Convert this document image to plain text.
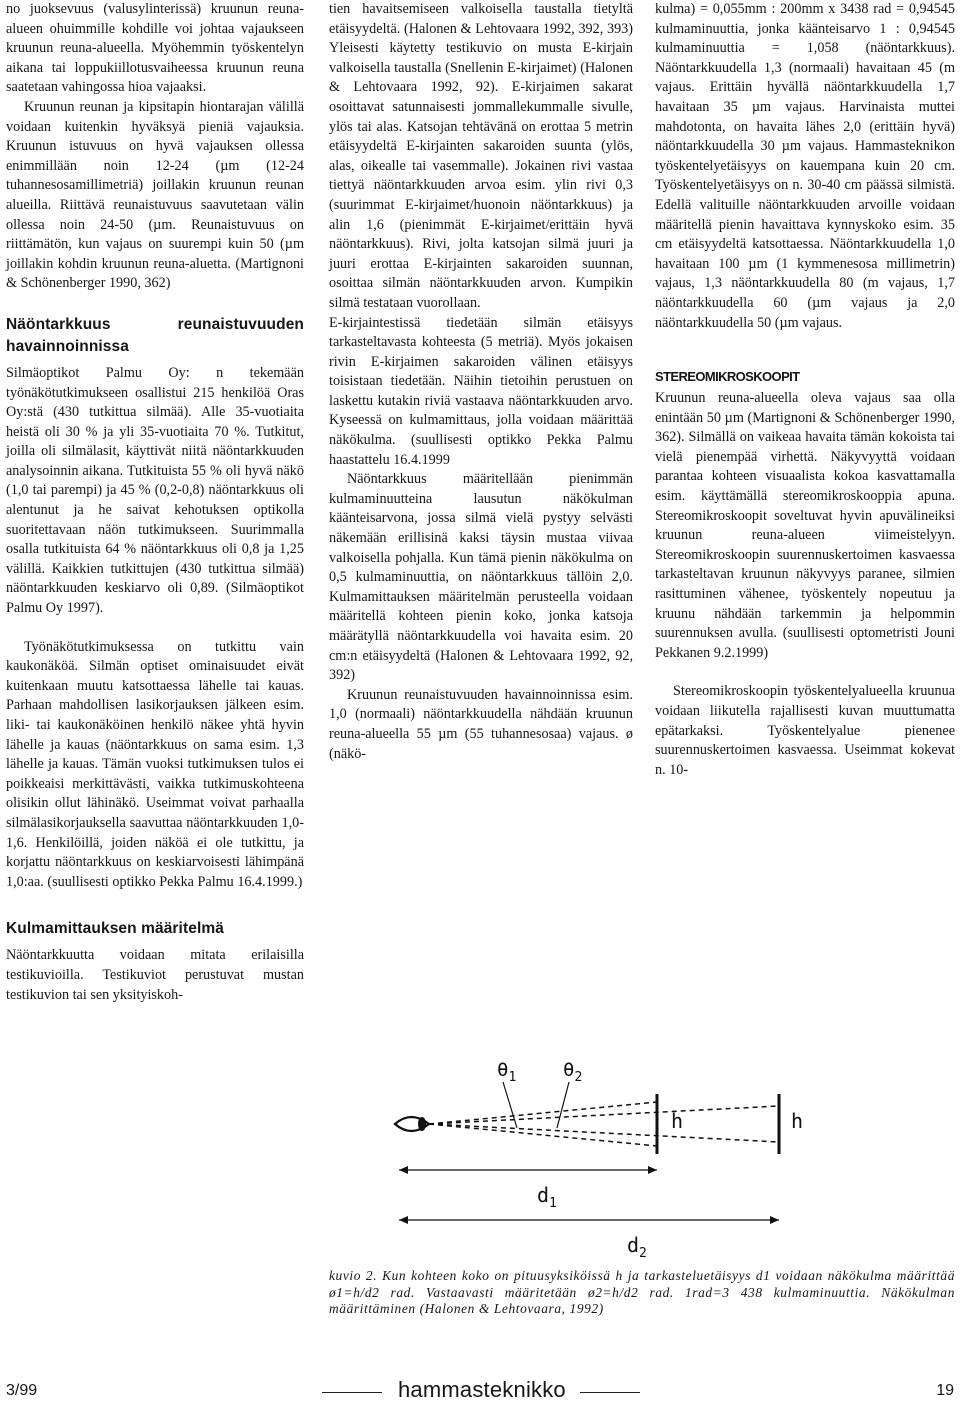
no juoksevuus (valusylinterissä) kruunun reuna-alueen ohuimmille kohdille voi johtaa vajaukseen kruunun reuna-alueella. Myöhemmin työskentelyn aikana tai loppukiillotusvaiheessa kruunun reuna saatetaan vahingossa hioa vajaaksi.

Kruunun reunan ja kipsitapin hiontarajan välillä voidaan kuitenkin hyväksyä pieniä vajauksia. Kruunun istuvuus on hyvä vajauksen ollessa enimmillään noin 12-24 (µm (12-24 tuhannesosamillimetriä) joillakin kruunun reunan alueilla. Riittävä reunaistuvuus saavutetaan välin ollessa noin 24-50 (µm. Reunaistuvuus on riittämätön, kun vajaus on suurempi kuin 50 (µm joillakin kohdin kruunun reuna-aluetta. (Martignoni & Schönenberger 1990, 362)

Näöntarkkuus reunaistuvuuden havainnoinnissa

Silmäoptikot Palmu Oy: n tekemään työnäkötutkimukseen osallistui 215 henkilöä Oras Oy:stä (430 tutkittua silmää). Alle 35-vuotiaita heistä oli 30 % ja yli 35-vuotiaita 70 %. Tutkitut, joilla oli silmälasit, käyttivät niitä näöntarkkuuden analysoinnin aikana. Tutkituista 55 % oli hyvä näkö (1,0 tai parempi) ja 45 % (0,2-0,8) näöntarkkuus oli alentunut ja he saivat kehotuksen optikolla suoritettavaan näön tutkimukseen. Suurimmalla osalla tutkituista 64 % näöntarkkuus oli 0,8 ja 1,25 välillä. Kaikkien tutkittujen (430 tutkittua silmää) näöntarkkuuden keskiarvo oli 0,89. (Silmäoptikot Palmu Oy 1997).

Työnäkötutkimuksessa on tutkittu vain kaukonäköä. Silmän optiset ominaisuudet eivät kuitenkaan muutu katsottaessa lähelle tai kauas. Parhaan mahdollisen lasikorjauksen jälkeen esim. liki- tai kaukonäköinen henkilö näkee yhtä hyvin lähelle ja kauas (näöntarkkuus on sama esim. 1,3 lähelle ja kauas. Tämän vuoksi tutkimuksen tulos ei poikkeaisi merkittävästi, vaikka tutkimuskohteena olisikin ollut lähinäkö. Useimmat voivat parhaalla silmälasikorjauksella saavuttaa näöntarkkuuden 1,0-1,6. Henkilöillä, joiden näköä ei ole tutkittu, ja korjattu näöntarkkuus on keskiarvoisesti lähimpänä 1,0:aa. (suullisesti optikko Pekka Palmu 16.4.1999.)

Kulmamittauksen määritelmä

Näöntarkkuutta voidaan mitata erilaisilla testikuvioilla. Testikuviot perustuvat mustan testikuvion tai sen yksityiskoh-

tien havaitsemiseen valkoisella taustalla tietyltä etäisyydeltä. (Halonen & Lehtovaara 1992, 392, 393) Yleisesti käytetty testikuvio on musta E-kirjain valkoisella taustalla (Snellenin E-kirjaimet) (Halonen & Lehtovaara 1992, 92). E-kirjaimen sakarat osoittavat satunnaisesti jommallekummalle sivulle, ylös tai alas. Katsojan tehtävänä on erottaa 5 metrin etäisyydeltä E-kirjainten sakaroiden suunta (ylös, alas, oikealle tai vasemmalle). Jokainen rivi vastaa tiettyä näöntarkkuuden arvoa esim. ylin rivi 0,3 (suurimmat E-kirjaimet/huonoin näöntarkkuus) ja alin 1,6 (pienimmät E-kirjaimet/erittäin hyvä näöntarkkuus). Rivi, jolta katsojan silmä juuri ja juuri erottaa E-kirjainten sakaroiden suunnan, osoittaa silmän näöntarkkuuden arvon. Kumpikin silmä testataan vuorollaan.

E-kirjaintestissä tiedetään silmän etäisyys tarkasteltavasta kohteesta (5 metriä). Myös jokaisen rivin E-kirjaimen sakaroiden välinen etäisyys toisistaan tiedetään. Näihin tietoihin perustuen on laskettu kutakin riviä vastaava näöntarkkuuden arvo. Kyseessä on kulmamittaus, jolla voidaan määrittää näkökulma. (suullisesti optikko Pekka Palmu haastattelu 16.4.1999

Näöntarkkuus määritellään pienimmän kulmaminuutteina lausutun näkökulman käänteisarvona, jossa silmä vielä pystyy selvästi näkemään erillisinä kaksi täysin mustaa viivaa valkoisella pohjalla. Kun tämä pienin näkökulma on 0,5 kulmaminuuttia, on näöntarkkuus tällöin 2,0. Kulmamittauksen määritelmän perusteella voidaan määritellä kohteen pienin koko, jonka katsoja määrätyllä näöntarkkuudella voi havaita esim. 20 cm:n etäisyydeltä (Halonen & Lehtovaara 1992, 92, 392)

Kruunun reunaistuvuuden havainnoinnissa esim. 1,0 (normaali) näöntarkkuudella nähdään kruunun reuna-alueella 55 µm (55 tuhannesosaa) vajaus. ø (näkö-

kulma) = 0,055mm : 200mm x 3438 rad = 0,94545 kulmaminuuttia, jonka käänteisarvo 1 : 0,94545 kulmaminuuttia = 1,058 (näöntarkkuus). Näöntarkkuudella 1,3 (normaali) havaitaan 45 (m vajaus. Erittäin hyvällä näöntarkkuudella 1,7 havaitaan 35 µm vajaus. Harvinaista muttei mahdotonta, on havaita lähes 2,0 (erittäin hyvä) näöntarkkuudella 30 µm vajaus. Hammasteknikon työskentelyetäisyys on kauempana kuin 20 cm. Työskentelyetäisyys on n. 30-40 cm päässä silmistä. Edellä valituille näöntarkkuuden arvoille voidaan määritellä pienin havaittava kynnyskoko esim. 35 cm etäisyydeltä katsottaessa. Näöntarkkuudella 1,0 havaitaan 100 µm (1 kymmenesosa millimetrin) vajaus, 1,3 näöntarkkuudella 80 (m vajaus, 1,7 näöntarkkuudella 60 (µm vajaus ja 2,0 näöntarkkuudella 50 (µm vajaus.

STEREOMIKROSKOOPIT

Kruunun reuna-alueella oleva vajaus saa olla enintään 50 µm (Martignoni & Schönenberger 1990, 362). Silmällä on vaikeaa havaita tämän kokoista tai vielä pienempää virhettä. Näkyvyyttä voidaan parantaa kohteen visuaalista kokoa kasvattamalla esim. käyttämällä stereomikroskooppia apuna. Stereomikroskoopit soveltuvat hyvin apuvälineiksi kruunun reuna-alueen viimeistelyyn. Stereomikroskoopin suurennuskertoimen kasvaessa tarkasteltavan kruunun näkyvyys paranee, silmien rasittuminen vähenee, työskentely nopeutuu ja kruunu nähdään tarkemmin ja helpommin suurennuksen avulla. (suullisesti optometristi Jouni Pekkanen 9.2.1999)

Stereomikroskoopin työskentelyalueella kruunua voidaan liikutella rajallisesti kuvan muuttumatta epätarkaksi. Työskentelyalue pienenee suurennuskertoimen kasvaessa. Useimmat kokevat n. 10-

$\theta_1$ $\theta_2$
h	h
$d_1$
$d_2$
kuvio 2. Kun kohteen koko on pituusyksiköissä h ja tarkasteluetäisyys d1 voidaan näkökulma määrittää ø1=h/d2 rad. Vastaavasti määritetään ø2=h/d2 rad. 1rad=3 438 kulmaminuuttia. Näkökulman määrittäminen (Halonen & Lehtovaara, 1992)
3/99	hammasteknikko	19
